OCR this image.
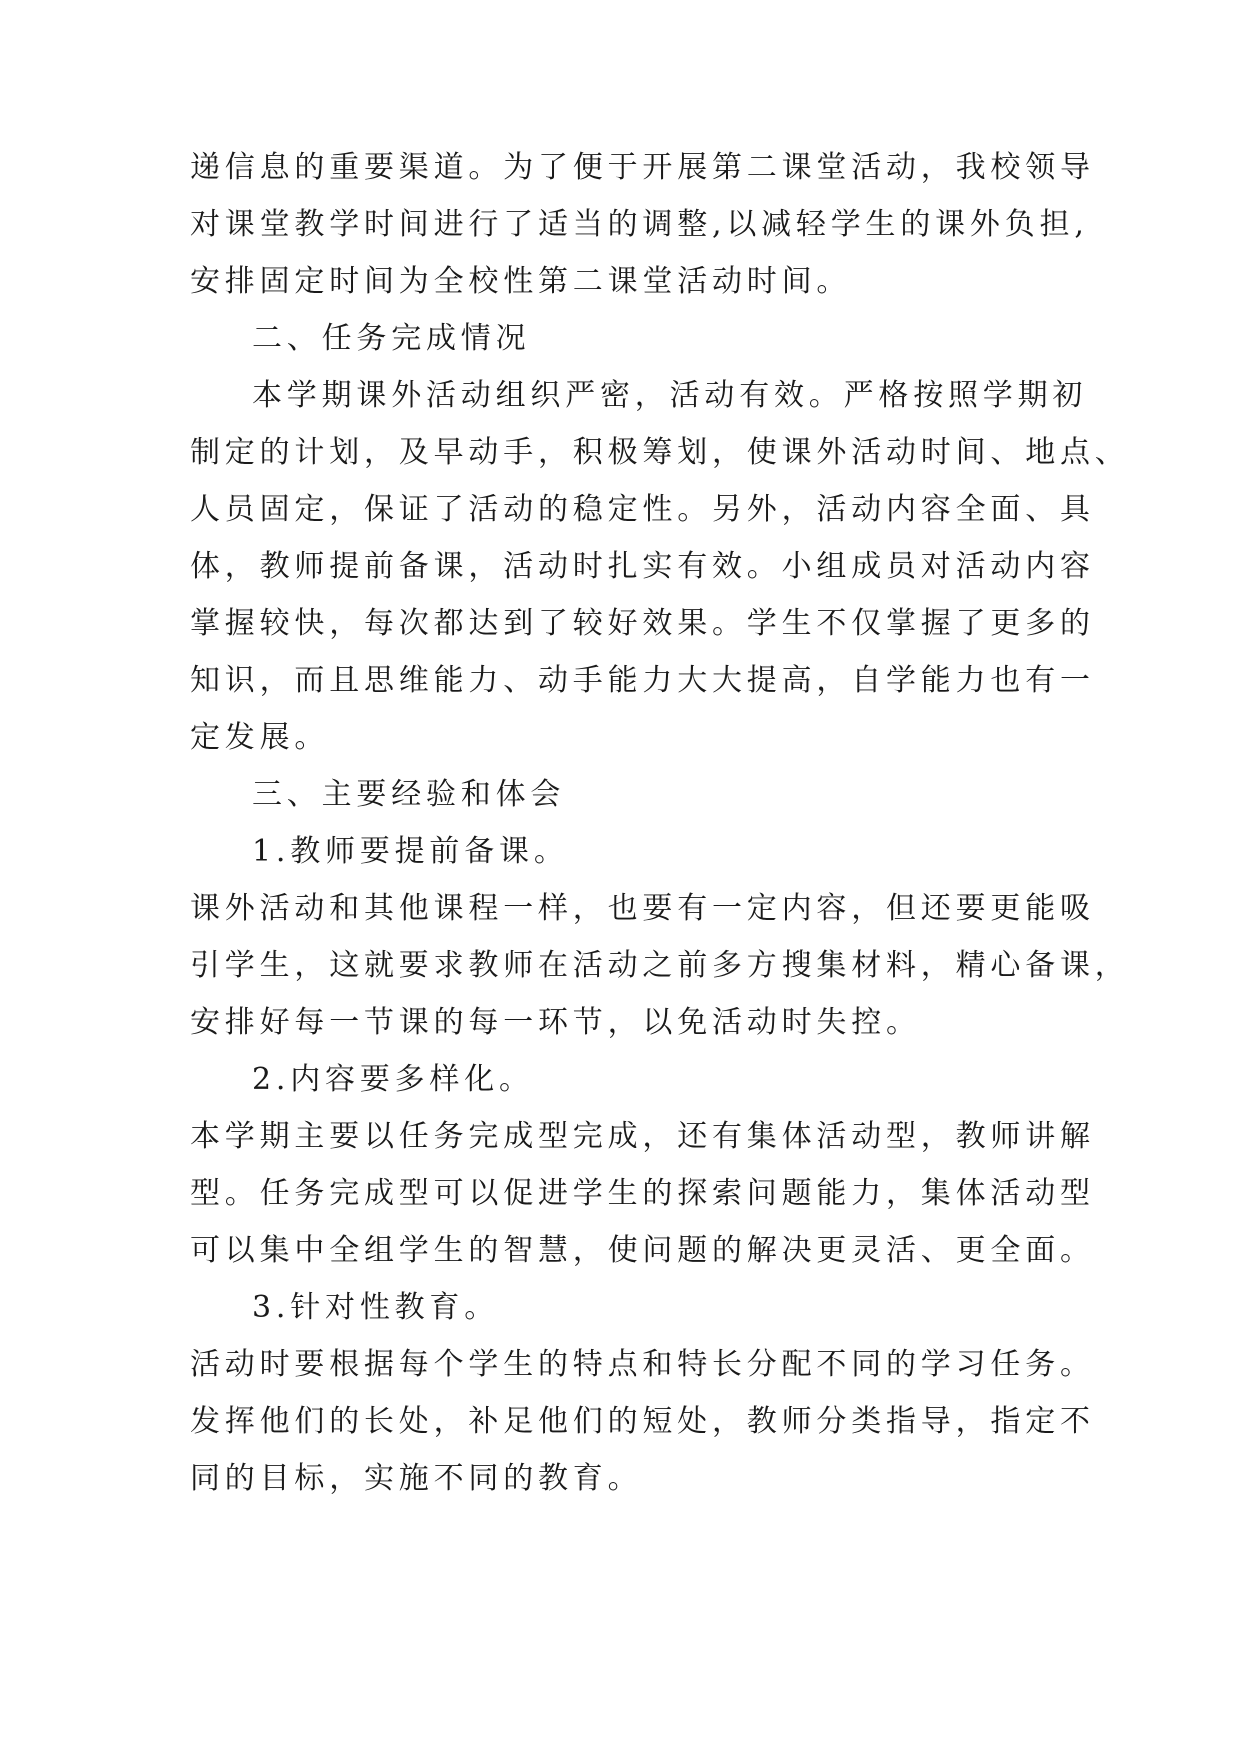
递信息的重要渠道。为了便于开展第二课堂活动，我校领导
对课堂教学时间进行了适当的调整,以减轻学生的课外负担,
安排固定时间为全校性第二课堂活动时间。
二、任务完成情况
本学期课外活动组织严密，活动有效。严格按照学期初
制定的计划，及早动手，积极筹划，使课外活动时间、地点、
人员固定，保证了活动的稳定性。另外，活动内容全面、具
体，教师提前备课，活动时扎实有效。小组成员对活动内容
掌握较快，每次都达到了较好效果。学生不仅掌握了更多的
知识，而且思维能力、动手能力大大提高，自学能力也有一
定发展。
三、主要经验和体会
1.教师要提前备课。
课外活动和其他课程一样，也要有一定内容，但还要更能吸
引学生，这就要求教师在活动之前多方搜集材料，精心备课，
安排好每一节课的每一环节，以免活动时失控。
2.内容要多样化。
本学期主要以任务完成型完成，还有集体活动型，教师讲解
型。任务完成型可以促进学生的探索问题能力，集体活动型
可以集中全组学生的智慧，使问题的解决更灵活、更全面。
3.针对性教育。
活动时要根据每个学生的特点和特长分配不同的学习任务。
发挥他们的长处，补足他们的短处，教师分类指导，指定不
同的目标，实施不同的教育。
